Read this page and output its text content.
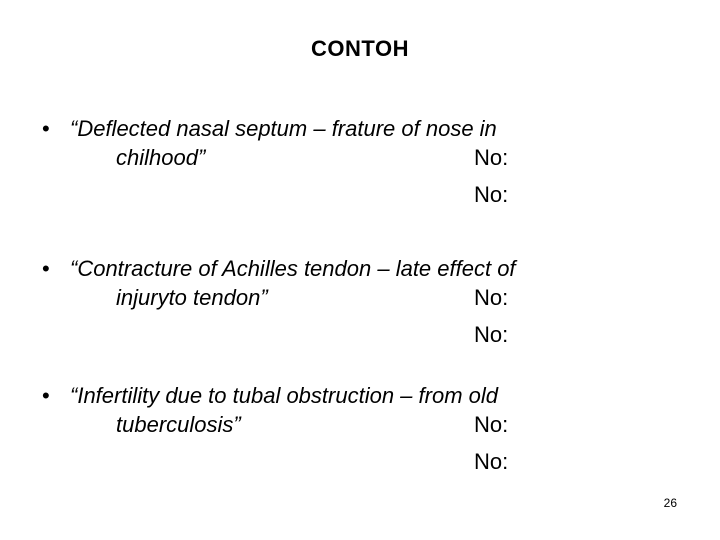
CONTOH
• “Deflected nasal septum – frature of nose in
chilhood”	No:
No:
• “Contracture of Achilles tendon – late effect of
injuryto tendon”	No:
No:
• “Infertility due to tubal obstruction – from old
tuberculosis”	No:
No:
26
